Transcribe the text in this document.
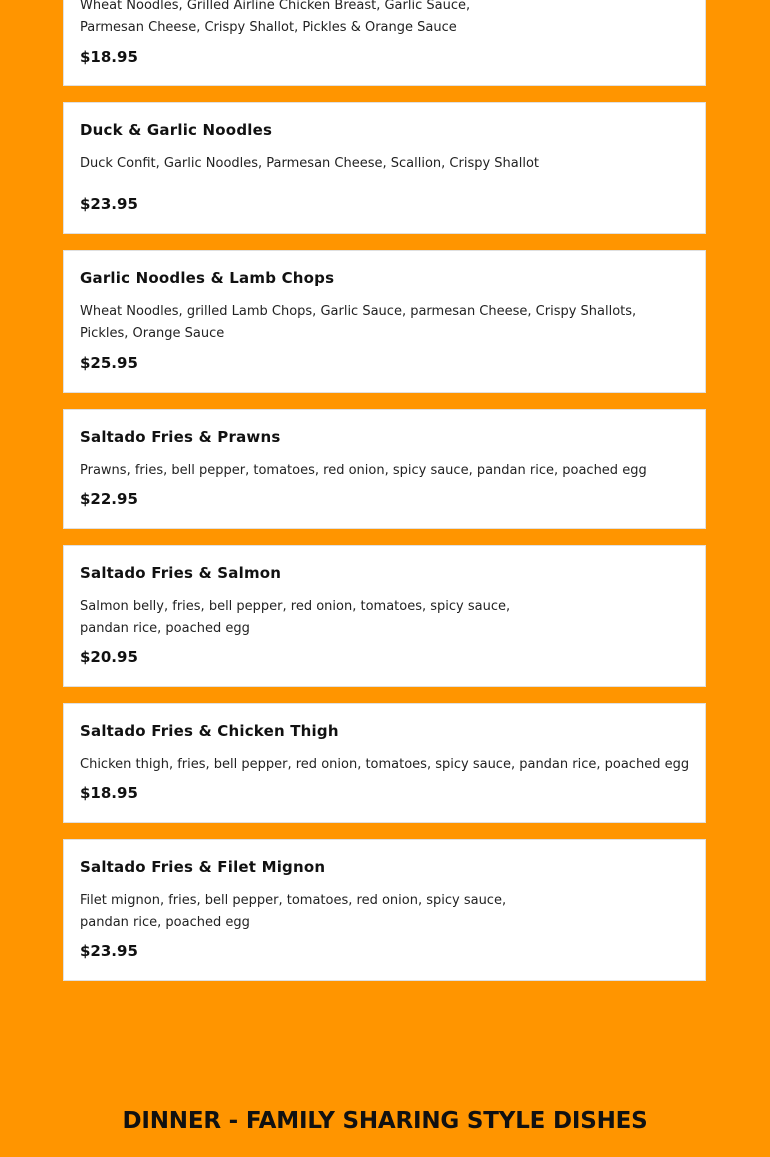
Wheat Noodles, Grilled Airline Chicken Breast, Garlic Sauce, Parmesan Cheese, Crispy Shallot, Pickles & Orange Sauce
$18.95
Duck & Garlic Noodles
Duck Confit, Garlic Noodles, Parmesan Cheese, Scallion, Crispy Shallot
$23.95
Garlic Noodles & Lamb Chops
Wheat Noodles, grilled Lamb Chops, Garlic Sauce, parmesan Cheese, Crispy Shallots, Pickles, Orange Sauce
$25.95
Saltado Fries & Prawns
Prawns, fries, bell pepper, tomatoes, red onion, spicy sauce, pandan rice, poached egg
$22.95
Saltado Fries & Salmon
Salmon belly, fries, bell pepper, red onion, tomatoes, spicy sauce, pandan rice, poached egg
$20.95
Saltado Fries & Chicken Thigh
Chicken thigh, fries, bell pepper, red onion, tomatoes, spicy sauce, pandan rice, poached egg
$18.95
Saltado Fries & Filet Mignon
Filet mignon, fries, bell pepper, tomatoes, red onion, spicy sauce, pandan rice, poached egg
$23.95
DINNER - FAMILY SHARING STYLE DISHES
